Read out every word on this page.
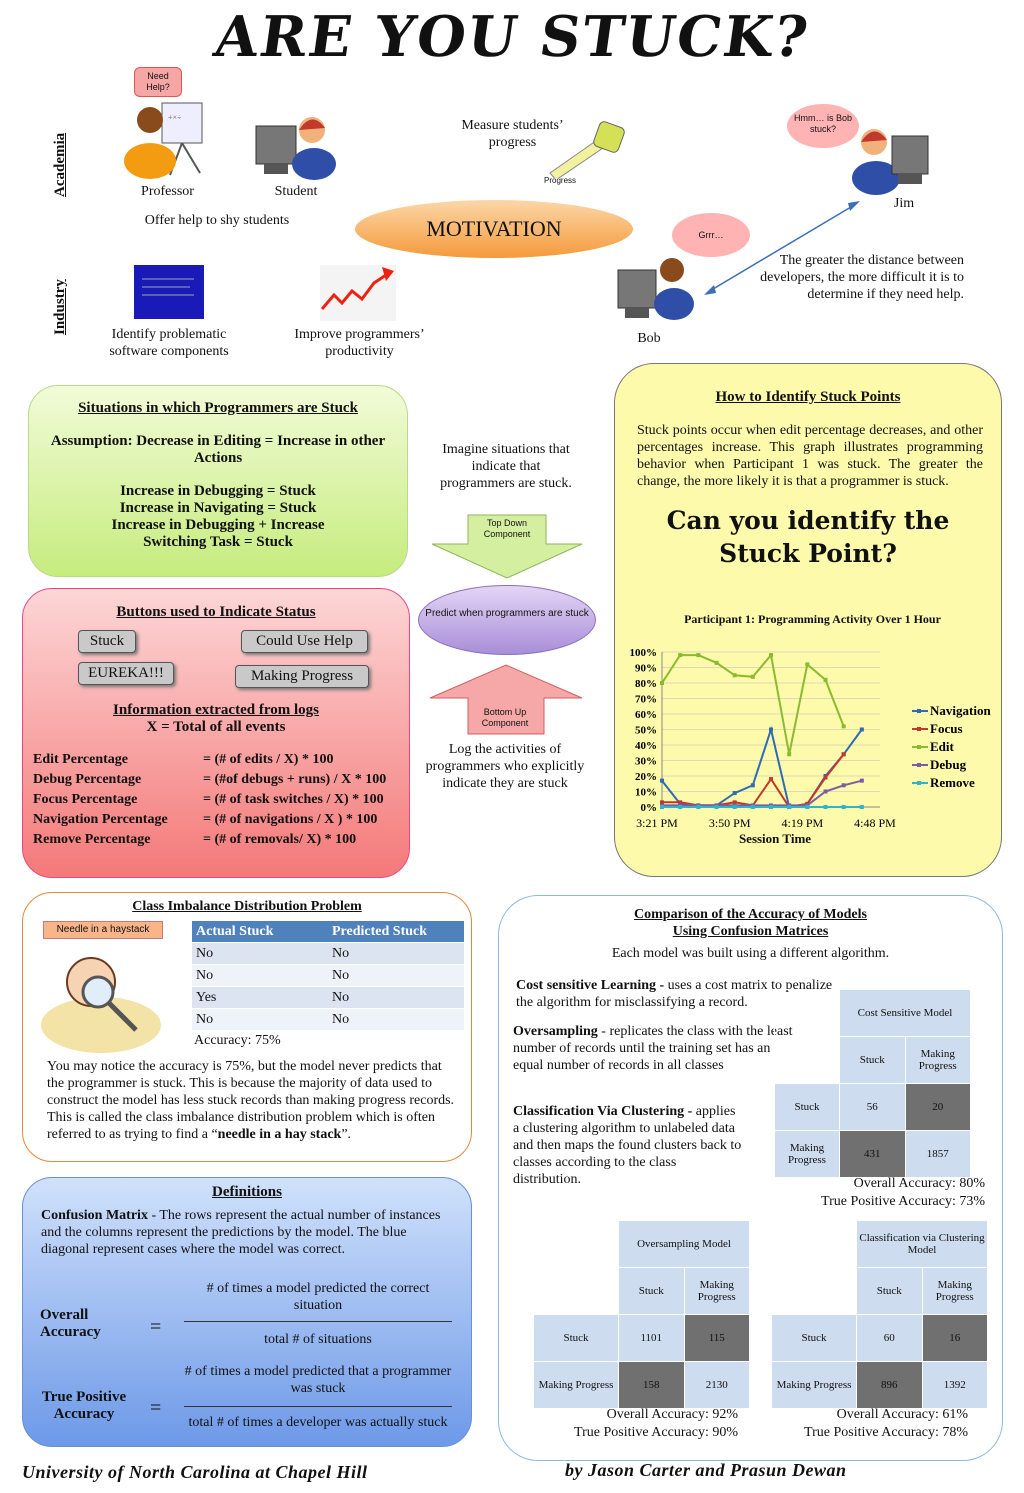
ARE YOU STUCK?
Academia
Industry
Need Help?
+×÷
Professor	Student
Offer help to shy students
Measure students’ progress
Progress
MOTIVATION
Hmm… is Bob stuck?
Jim
Grrr…
Bob
The greater the distance between developers, the more difficult it is to determine if they need help.
Identify problematic software components
Improve programmers’ productivity
Situations in which Programmers are Stuck
Assumption: Decrease in Editing = Increase in other Actions
Increase in Debugging = Stuck
Increase in Navigating = Stuck
Increase in Debugging + Increase Switching Task = Stuck
Imagine situations that indicate that programmers are stuck.
Top Down Component
Predict when programmers are stuck
Bottom Up Component
Log the activities of programmers who explicitly indicate they are stuck
Buttons used to Indicate Status
Stuck	Could Use Help
EUREKA!!!	Making Progress
Information extracted from logs
X = Total of all events
Edit Percentage	= (# of edits / X) * 100
Debug Percentage	= (#of debugs + runs) / X * 100
Focus Percentage	= (# of task switches / X) * 100
Navigation Percentage	= (# of navigations / X ) * 100
Remove Percentage	= (# of removals/ X) * 100
How to Identify Stuck Points
Stuck points occur when edit percentage decreases, and other percentages increase. This graph illustrates programming behavior when Participant 1 was stuck. The greater the change, the more likely it is that a programmer is stuck.
Can you identify the Stuck Point?
Participant 1: Programming Activity Over 1 Hour
0%
10%
20%
30%
40%
50%
60%
70%
80%
90%
100%
3:21 PM	3:50 PM	4:19 PM	4:48 PM
Navigation
Focus
Edit
Debug
Remove
Session Time
Class Imbalance Distribution Problem
Needle in a haystack	Actual Stuck	Predicted Stuck
No	No
No	No
Yes	No
No	No
Accuracy: 75%
You may notice the accuracy is 75%, but the model never predicts that the programmer is stuck. This is because the majority of data used to construct the model has less stuck records than making progress records. This is called the class imbalance distribution problem which is often referred to as trying to find a “needle in a hay stack”.
Definitions
Confusion Matrix - The rows represent the actual number of instances and the columns represent the predictions by the model. The blue diagonal represent cases where the model was correct.
Overall Accuracy	=
# of times a model predicted the correct situation
total # of situations
True Positive Accuracy	=
# of times a model predicted that a programmer was stuck
total # of times a developer was actually stuck
Comparison of the Accuracy of Models
Using Confusion Matrices
Each model was built using a different algorithm.
Cost sensitive Learning - uses a cost matrix to penalize the algorithm for misclassifying a record.
Oversampling - replicates the class with the least number of records until the training set has an equal number of records in all classes
Classification Via Clustering - applies a clustering algorithm to unlabeled data and then maps the found clusters back to classes according to the class distribution.
	Cost Sensitive Model	
	Stuck	Making Progress
Stuck	56	20
Making Progress	431	1857
Overall Accuracy: 80%
True Positive Accuracy: 73%
	Oversampling Model	
	Stuck	Making Progress
Stuck	1101	115
Making Progress	158	2130
Overall Accuracy: 92%
True Positive Accuracy: 90%
	Classification via Clustering Model	
	Stuck	Making Progress
Stuck	60	16
Making Progress	896	1392
Overall Accuracy: 61%
True Positive Accuracy: 78%
University of North Carolina at Chapel Hill	by Jason Carter and Prasun Dewan
